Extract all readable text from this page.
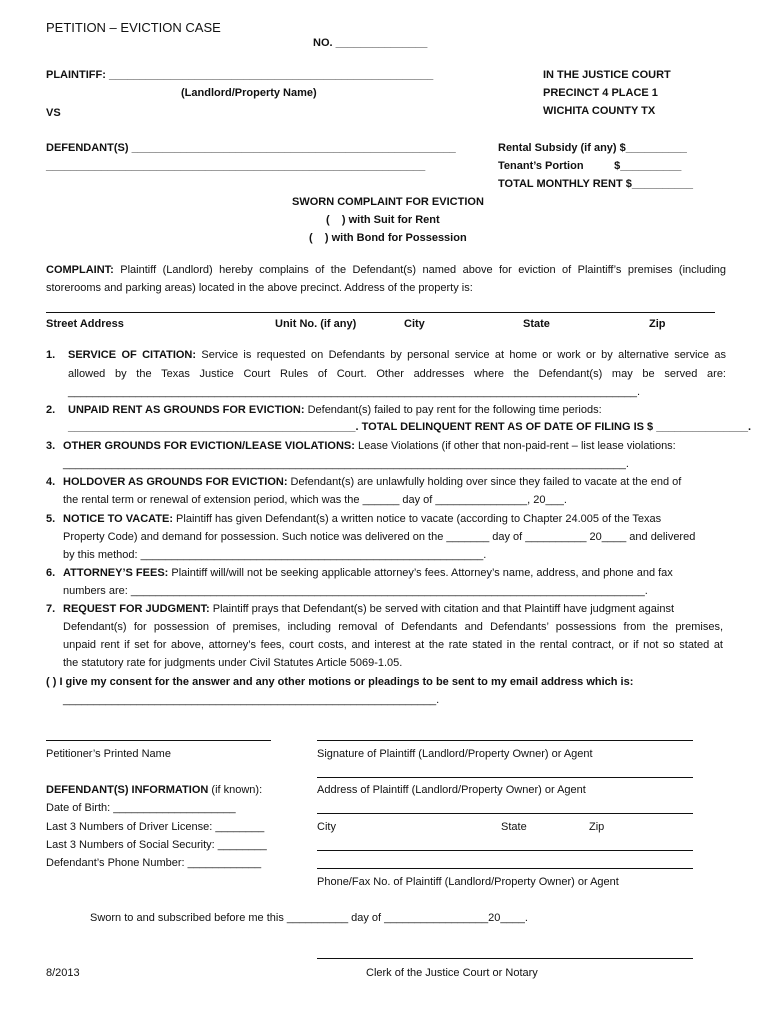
PETITION – EVICTION CASE
NO. _______________
PLAINTIFF: _____________________________________________________
(Landlord/Property Name)
VS
DEFENDANT(S) _____________________________________________________
______________________________________________________________
IN THE JUSTICE COURT
PRECINCT 4 PLACE 1
WICHITA COUNTY TX
Rental Subsidy (if any) $__________
Tenant’s Portion          $__________
TOTAL MONTHLY RENT $__________
SWORN COMPLAINT FOR EVICTION
(    ) with Suit for Rent
(    ) with Bond for Possession
COMPLAINT: Plaintiff (Landlord) hereby complains of the Defendant(s) named above for eviction of Plaintiff’s premises (including
storerooms and parking areas) located in the above precinct. Address of the property is:
Street Address	Unit No. (if any)	City	State	Zip
1. SERVICE OF CITATION: Service is requested on Defendants by personal service at home or work or by alternative service as
allowed by the Texas Justice Court Rules of Court. Other addresses where the Defendant(s) may be served are:
_____________________________________________________________________________________________.
2. UNPAID RENT AS GROUNDS FOR EVICTION: Defendant(s) failed to pay rent for the following time periods:
_______________________________________________. TOTAL DELINQUENT RENT AS OF DATE OF FILING IS $ _______________.
3. OTHER GROUNDS FOR EVICTION/LEASE VIOLATIONS: Lease Violations (if other that non-paid-rent – list lease violations:
____________________________________________________________________________________________.
4. HOLDOVER AS GROUNDS FOR EVICTION: Defendant(s) are unlawfully holding over since they failed to vacate at the end of
the rental term or renewal of extension period, which was the ______ day of _______________, 20___.
5. NOTICE TO VACATE: Plaintiff has given Defendant(s) a written notice to vacate (according to Chapter 24.005 of the Texas
Property Code) and demand for possession. Such notice was delivered on the _______ day of __________ 20____ and delivered
by this method: ________________________________________________________.
6. ATTORNEY’S FEES: Plaintiff will/will not be seeking applicable attorney’s fees. Attorney’s name, address, and phone and fax
numbers are: ____________________________________________________________________________________.
7. REQUEST FOR JUDGMENT: Plaintiff prays that Defendant(s) be served with citation and that Plaintiff have judgment against
Defendant(s) for possession of premises, including removal of Defendants and Defendants’ possessions from the premises,
unpaid rent if set for above, attorney’s fees, court costs, and interest at the rate stated in the rental contract, or if not so stated at
the statutory rate for judgments under Civil Statutes Article 5069-1.05.
( ) I give my consent for the answer and any other motions or pleadings to be sent to my email address which is:
_____________________________________________________________.
Petitioner’s Printed Name	Signature of Plaintiff (Landlord/Property Owner) or Agent
DEFENDANT(S) INFORMATION (if known):	Address of Plaintiff (Landlord/Property Owner) or Agent
Date of Birth: ____________________
Last 3 Numbers of Driver License: ________	City	State	Zip
Last 3 Numbers of Social Security: ________
Defendant’s Phone Number: ____________
Phone/Fax No. of Plaintiff (Landlord/Property Owner) or Agent
Sworn to and subscribed before me this __________ day of _________________20____.
8/2013	Clerk of the Justice Court or Notary
